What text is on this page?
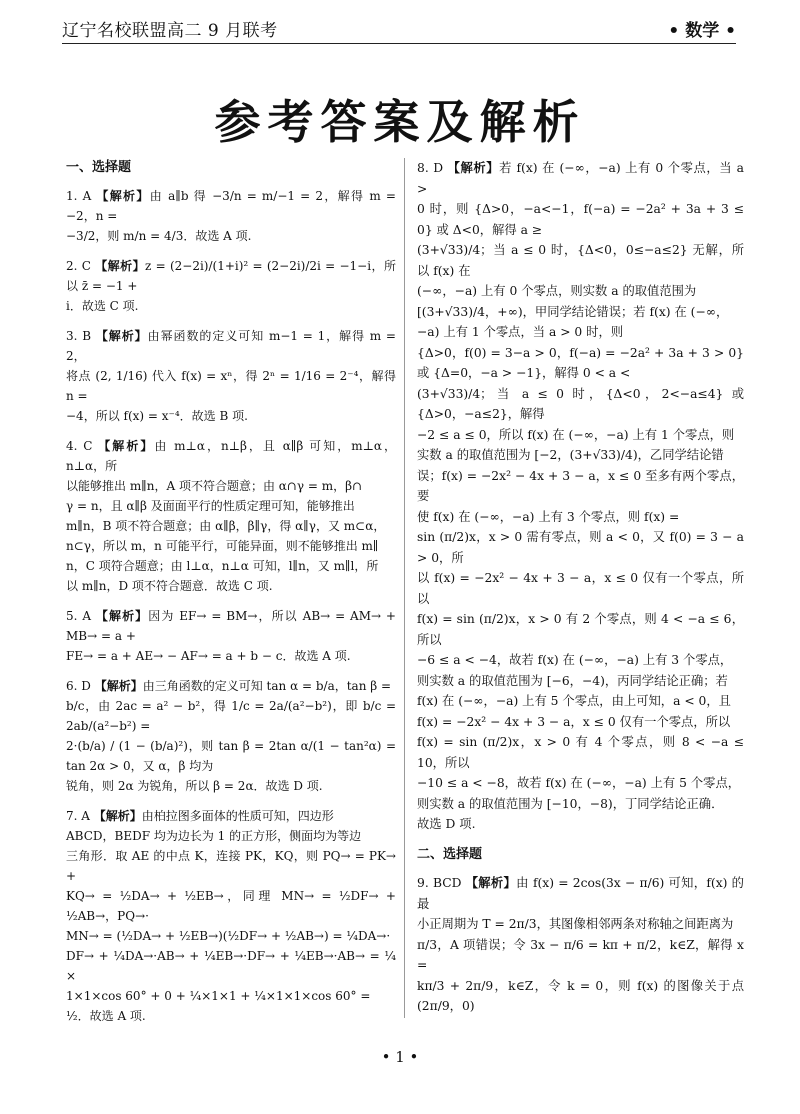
辽宁名校联盟高二 9 月联考	• 数学 •
参考答案及解析
一、选择题

1. A 【解析】由 a∥b 得 −3/n = m/−1 = 2，解得 m = −2，n =

−3/2，则 m/n = 4/3．故选 A 项.

2. C 【解析】z = (2−2i)/(1+i)² = (2−2i)/2i = −1−i，所以 z̄ = −1 +

i．故选 C 项.

3. B 【解析】由幂函数的定义可知 m−1 = 1，解得 m = 2，

将点 (2, 1/16) 代入 f(x) = xⁿ，得 2ⁿ = 1/16 = 2⁻⁴，解得 n =

−4，所以 f(x) = x⁻⁴．故选 B 项.

4. C 【解析】由 m⊥α，n⊥β，且 α∥β 可知，m⊥α，n⊥α，所

以能够推出 m∥n，A 项不符合题意；由 α∩γ = m，β∩

γ = n，且 α∥β 及面面平行的性质定理可知，能够推出

m∥n，B 项不符合题意；由 α∥β，β∥γ，得 α∥γ，又 m⊂α，

n⊂γ，所以 m，n 可能平行，可能异面，则不能够推出 m∥

n，C 项符合题意；由 l⊥α，n⊥α 可知，l∥n，又 m∥l，所

以 m∥n，D 项不符合题意．故选 C 项.

5. A 【解析】因为 EF→ = BM→，所以 AB→ = AM→ + MB→ = a +

FE→ = a + AE→ − AF→ = a + b − c．故选 A 项.

6. D 【解析】由三角函数的定义可知 tan α = b/a，tan β =

b/c，由 2ac = a² − b²，得 1/c = 2a/(a²−b²)，即 b/c = 2ab/(a²−b²) =

2·(b/a) / (1 − (b/a)²)，则 tan β = 2tan α/(1 − tan²α) = tan 2α > 0，又 α，β 均为

锐角，则 2α 为锐角，所以 β = 2α．故选 D 项.

7. A 【解析】由柏拉图多面体的性质可知，四边形

ABCD，BEDF 均为边长为 1 的正方形，侧面均为等边

三角形．取 AE 的中点 K，连接 PK，KQ，则 PQ→ = PK→ +

KQ→ = ½DA→ + ½EB→，同理 MN→ = ½DF→ + ½AB→，PQ→·

MN→ = (½DA→ + ½EB→)(½DF→ + ½AB→) = ¼DA→·

DF→ + ¼DA→·AB→ + ¼EB→·DF→ + ¼EB→·AB→ = ¼ ×

1×1×cos 60° + 0 + ¼×1×1 + ¼×1×1×cos 60° =

½．故选 A 项.

8. D 【解析】若 f(x) 在 (−∞，−a) 上有 0 个零点，当 a >

0 时，则 {Δ>0，−a<−1，f(−a) = −2a² + 3a + 3 ≤ 0} 或 Δ<0，解得 a ≥

(3+√33)/4；当 a ≤ 0 时，{Δ<0，0≤−a≤2} 无解，所以 f(x) 在

(−∞，−a) 上有 0 个零点，则实数 a 的取值范围为

[(3+√33)/4，+∞)，甲同学结论错误；若 f(x) 在 (−∞，

−a) 上有 1 个零点，当 a > 0 时，则

{Δ>0，f(0) = 3−a > 0，f(−a) = −2a² + 3a + 3 > 0} 或 {Δ=0，−a > −1}，解得 0 < a <

(3+√33)/4；当 a ≤ 0 时，{Δ<0，2<−a≤4} 或 {Δ>0，−a≤2}，解得

−2 ≤ a ≤ 0，所以 f(x) 在 (−∞，−a) 上有 1 个零点，则

实数 a 的取值范围为 [−2，(3+√33)/4)，乙同学结论错

误；f(x) = −2x² − 4x + 3 − a，x ≤ 0 至多有两个零点，要

使 f(x) 在 (−∞，−a) 上有 3 个零点，则 f(x) =

sin (π/2)x，x > 0 需有零点，则 a < 0，又 f(0) = 3 − a > 0，所

以 f(x) = −2x² − 4x + 3 − a，x ≤ 0 仅有一个零点，所以

f(x) = sin (π/2)x，x > 0 有 2 个零点，则 4 < −a ≤ 6，所以

−6 ≤ a < −4，故若 f(x) 在 (−∞，−a) 上有 3 个零点，

则实数 a 的取值范围为 [−6，−4)，丙同学结论正确；若

f(x) 在 (−∞，−a) 上有 5 个零点，由上可知，a < 0，且

f(x) = −2x² − 4x + 3 − a，x ≤ 0 仅有一个零点，所以

f(x) = sin (π/2)x，x > 0 有 4 个零点，则 8 < −a ≤ 10，所以

−10 ≤ a < −8，故若 f(x) 在 (−∞，−a) 上有 5 个零点，

则实数 a 的取值范围为 [−10，−8)，丁同学结论正确．

故选 D 项.

二、选择题

9. BCD 【解析】由 f(x) = 2cos(3x − π/6) 可知，f(x) 的最

小正周期为 T = 2π/3，其图像相邻两条对称轴之间距离为

π/3，A 项错误；令 3x − π/6 = kπ + π/2，k∈Z，解得 x =

kπ/3 + 2π/9，k∈Z，令 k = 0，则 f(x) 的图像关于点 (2π/9，0)

• 1 •
